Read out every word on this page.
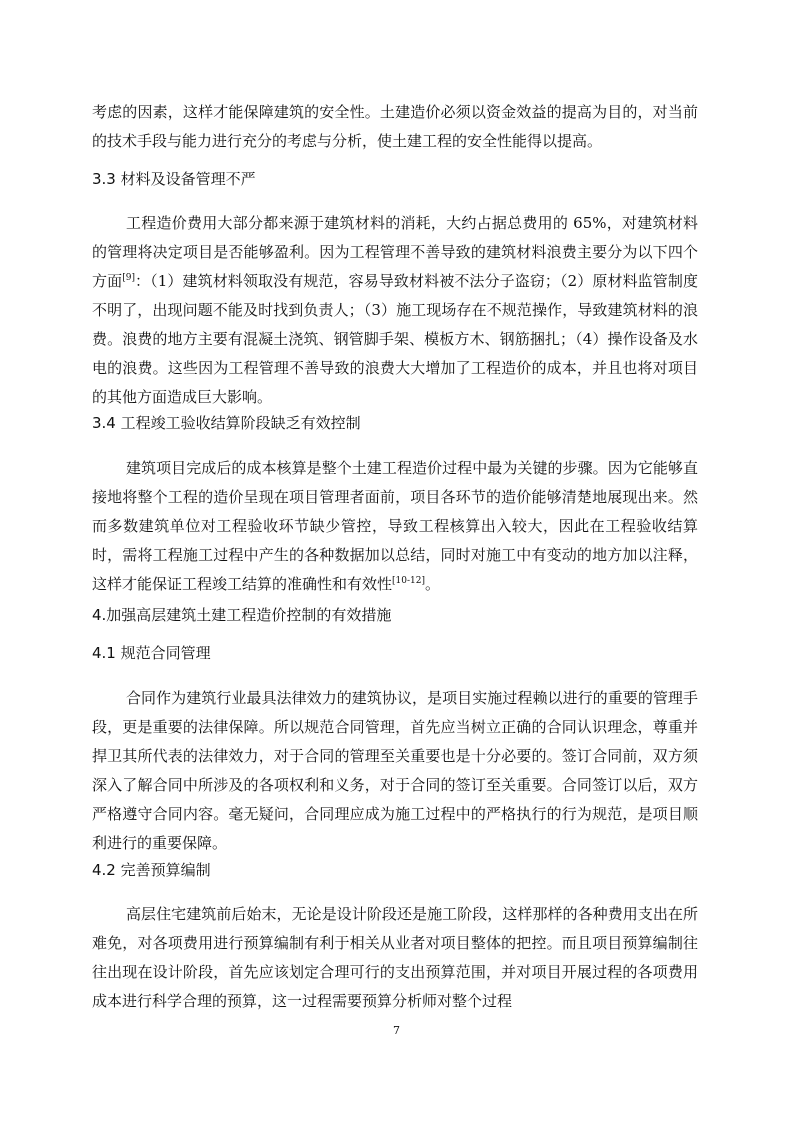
考虑的因素，这样才能保障建筑的安全性。土建造价必须以资金效益的提高为目的，对当前的技术手段与能力进行充分的考虑与分析，使土建工程的安全性能得以提高。

3.3 材料及设备管理不严

工程造价费用大部分都来源于建筑材料的消耗，大约占据总费用的 65%，对建筑材料的管理将决定项目是否能够盈利。因为工程管理不善导致的建筑材料浪费主要分为以下四个方面[9]：（1）建筑材料领取没有规范，容易导致材料被不法分子盗窃；（2）原材料监管制度不明了，出现问题不能及时找到负责人；（3）施工现场存在不规范操作，导致建筑材料的浪费。浪费的地方主要有混凝土浇筑、钢管脚手架、模板方木、钢筋捆扎；（4）操作设备及水电的浪费。这些因为工程管理不善导致的浪费大大增加了工程造价的成本，并且也将对项目的其他方面造成巨大影响。

3.4 工程竣工验收结算阶段缺乏有效控制

建筑项目完成后的成本核算是整个土建工程造价过程中最为关键的步骤。因为它能够直接地将整个工程的造价呈现在项目管理者面前，项目各环节的造价能够清楚地展现出来。然而多数建筑单位对工程验收环节缺少管控，导致工程核算出入较大，因此在工程验收结算时，需将工程施工过程中产生的各种数据加以总结，同时对施工中有变动的地方加以注释，这样才能保证工程竣工结算的准确性和有效性[10-12]。

4.加强高层建筑土建工程造价控制的有效措施

4.1 规范合同管理

合同作为建筑行业最具法律效力的建筑协议，是项目实施过程赖以进行的重要的管理手段，更是重要的法律保障。所以规范合同管理，首先应当树立正确的合同认识理念，尊重并捍卫其所代表的法律效力，对于合同的管理至关重要也是十分必要的。签订合同前，双方须深入了解合同中所涉及的各项权利和义务，对于合同的签订至关重要。合同签订以后，双方严格遵守合同内容。毫无疑问，合同理应成为施工过程中的严格执行的行为规范，是项目顺利进行的重要保障。

4.2 完善预算编制

高层住宅建筑前后始末，无论是设计阶段还是施工阶段，这样那样的各种费用支出在所难免，对各项费用进行预算编制有利于相关从业者对项目整体的把控。而且项目预算编制往往出现在设计阶段，首先应该划定合理可行的支出预算范围，并对项目开展过程的各项费用成本进行科学合理的预算，这一过程需要预算分析师对整个过程

7
